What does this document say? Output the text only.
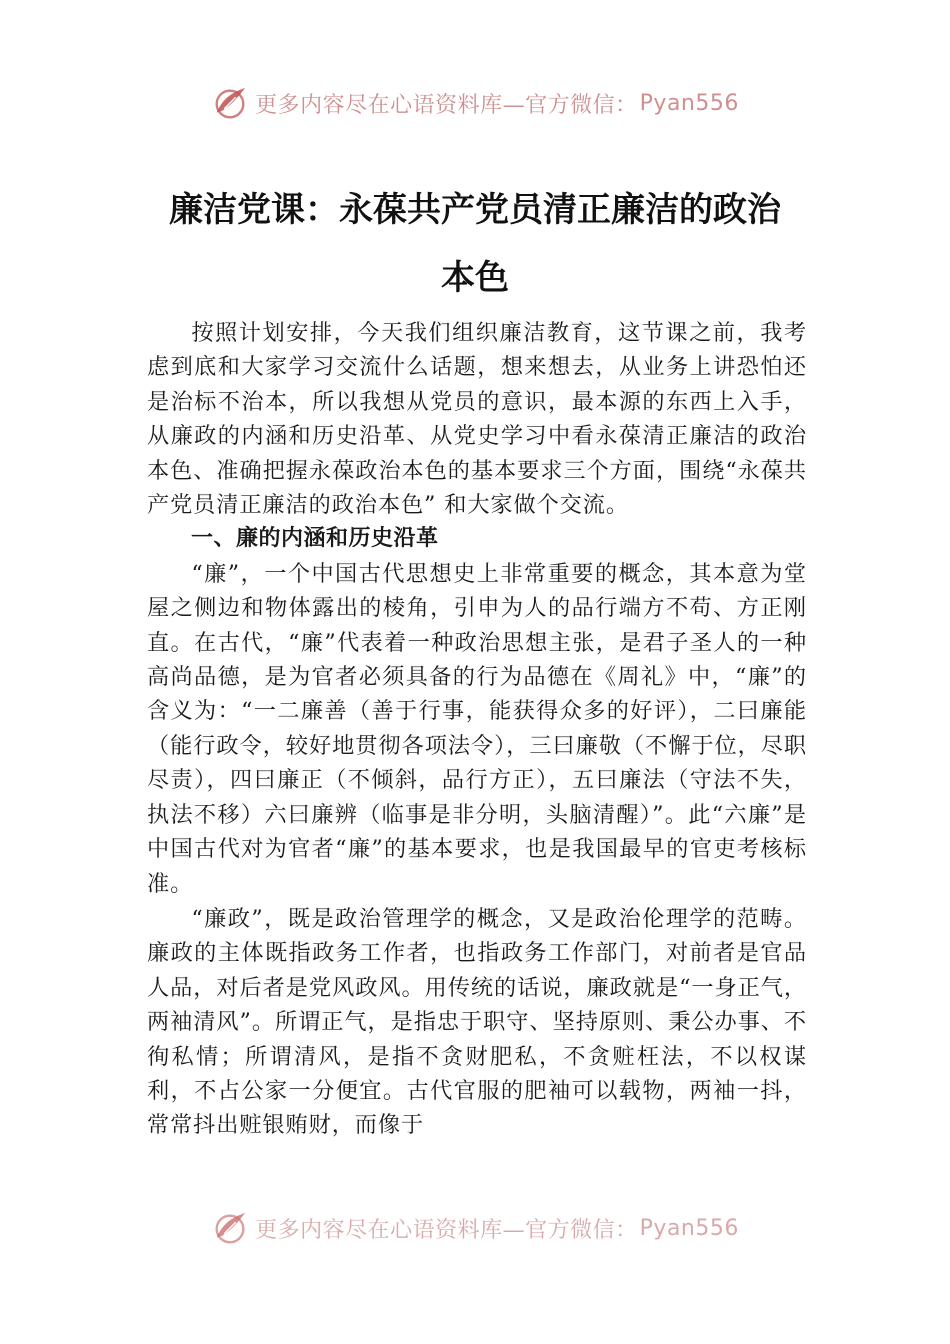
更多内容尽在心语资料库—官方微信： Pyan556
廉洁党课：永葆共产党员清正廉洁的政治
本色

按照计划安排，今天我们组织廉洁教育，这节课之前，我考虑到底和大家学习交流什么话题，想来想去，从业务上讲恐怕还是治标不治本，所以我想从党员的意识，最本源的东西上入手，从廉政的内涵和历史沿革、从党史学习中看永葆清正廉洁的政治本色、准确把握永葆政治本色的基本要求三个方面，围绕“永葆共产党员清正廉洁的政治本色” 和大家做个交流。

一、廉的内涵和历史沿革

“廉”，一个中国古代思想史上非常重要的概念，其本意为堂屋之侧边和物体露出的棱角，引申为人的品行端方不苟、方正刚直。在古代，“廉”代表着一种政治思想主张，是君子圣人的一种高尚品德，是为官者必须具备的行为品德在《周礼》中，“廉”的含义为：“一二廉善（善于行事，能获得众多的好评），二曰廉能（能行政令，较好地贯彻各项法令），三曰廉敬（不懈于位，尽职尽责），四曰廉正（不倾斜，品行方正），五曰廉法（守法不失，执法不移）六曰廉辨（临事是非分明，头脑清醒）”。此“六廉”是中国古代对为官者“廉”的基本要求，也是我国最早的官吏考核标准。

“廉政”，既是政治管理学的概念，又是政治伦理学的范畴。廉政的主体既指政务工作者，也指政务工作部门，对前者是官品人品，对后者是党风政风。用传统的话说，廉政就是“一身正气，两袖清风”。所谓正气，是指忠于职守、坚持原则、秉公办事、不徇私情；所谓清风，是指不贪财肥私，不贪赃枉法，不以权谋利，不占公家一分便宜。古代官服的肥袖可以载物，两袖一抖，常常抖出赃银贿财，而像于

更多内容尽在心语资料库—官方微信： Pyan556
